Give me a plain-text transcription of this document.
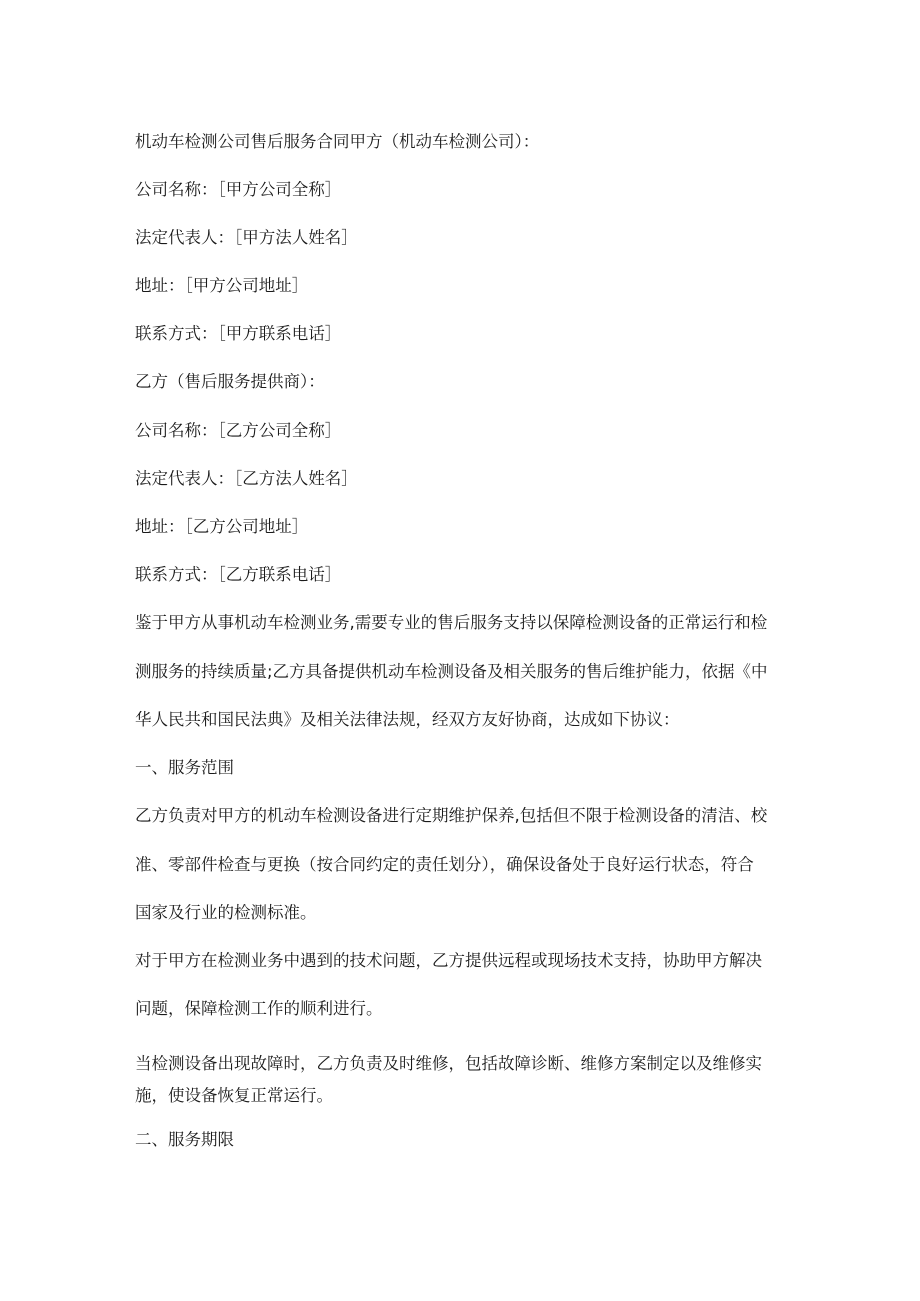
机动车检测公司售后服务合同甲方（机动车检测公司）：
公司名称：［甲方公司全称］
法定代表人：［甲方法人姓名］
地址：［甲方公司地址］
联系方式：［甲方联系电话］
乙方（售后服务提供商）：
公司名称：［乙方公司全称］
法定代表人：［乙方法人姓名］
地址：［乙方公司地址］
联系方式：［乙方联系电话］
鉴于甲方从事机动车检测业务,需要专业的售后服务支持以保障检测设备的正常运行和检
测服务的持续质量;乙方具备提供机动车检测设备及相关服务的售后维护能力，依据《中
华人民共和国民法典》及相关法律法规，经双方友好协商，达成如下协议：
一、服务范围
乙方负责对甲方的机动车检测设备进行定期维护保养,包括但不限于检测设备的清洁、校
准、零部件检查与更换（按合同约定的责任划分），确保设备处于良好运行状态，符合
国家及行业的检测标准。
对于甲方在检测业务中遇到的技术问题，乙方提供远程或现场技术支持，协助甲方解决
问题，保障检测工作的顺利进行。
当检测设备出现故障时，乙方负责及时维修，包括故障诊断、维修方案制定以及维修实
施，使设备恢复正常运行。
二、服务期限
